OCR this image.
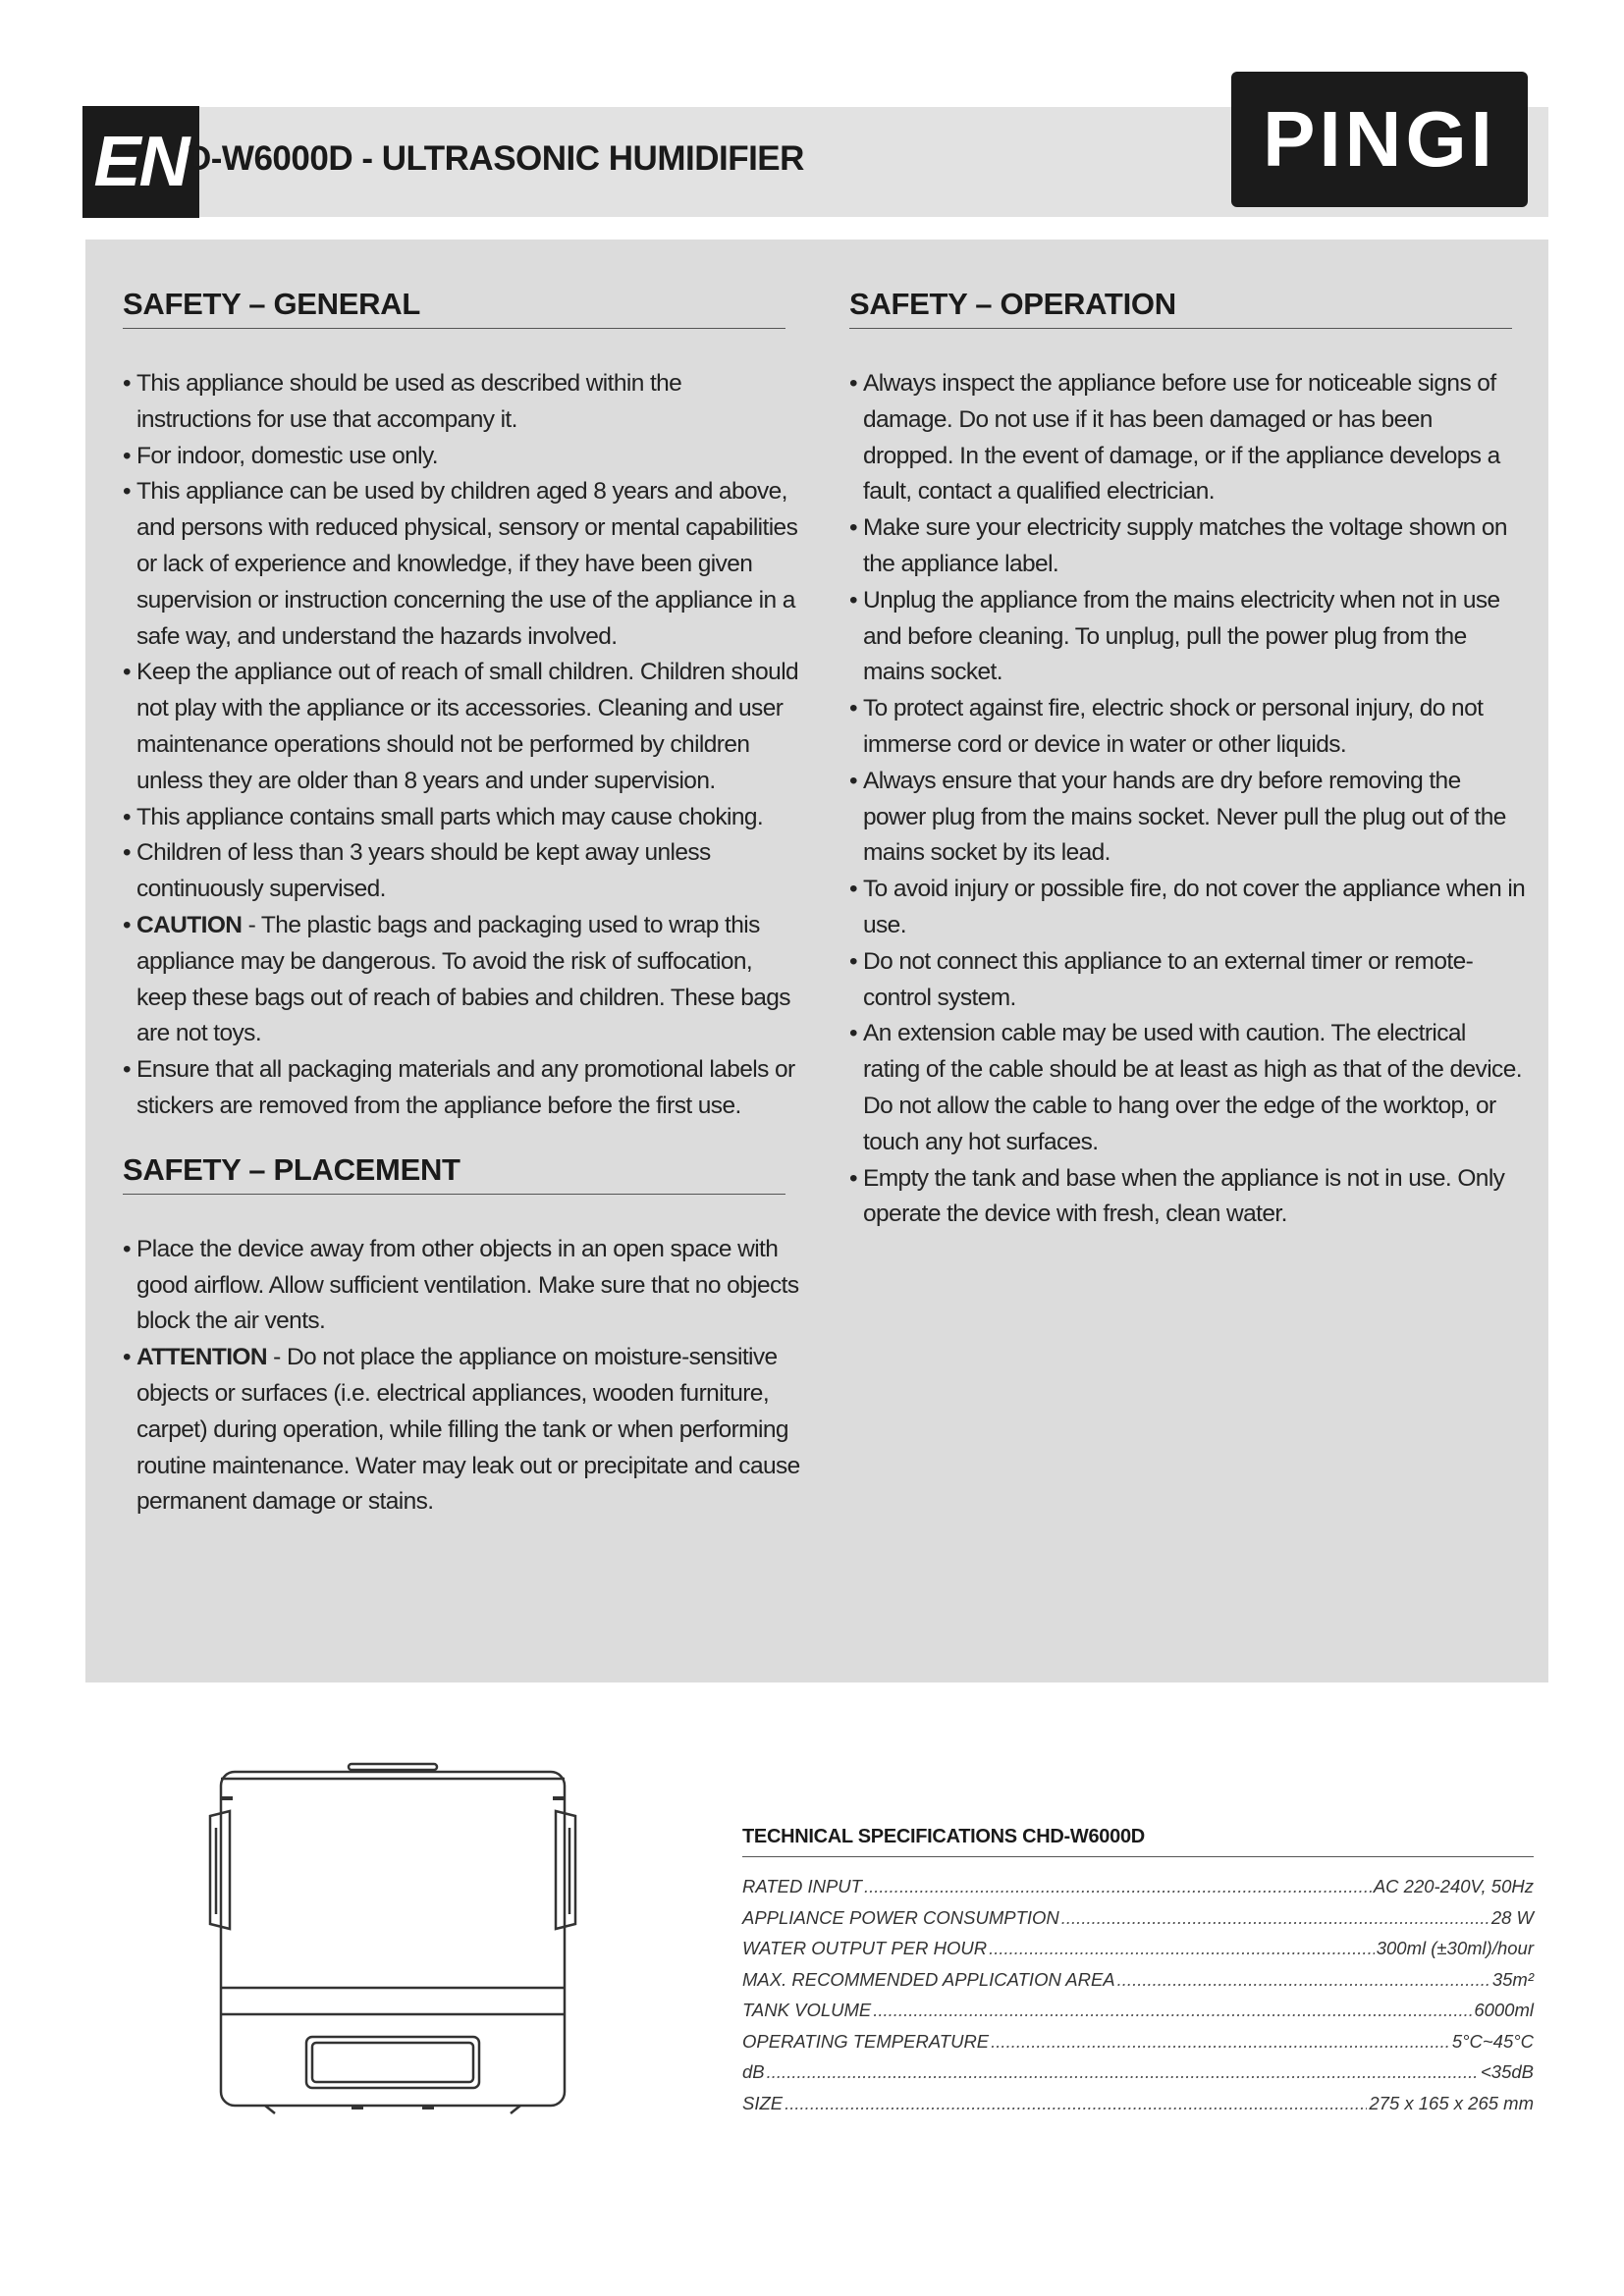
EN
D-W6000D - ULTRASONIC HUMIDIFIER	PINGI
SAFETY – GENERAL
• This appliance should be used as described within the instructions for use that accompany it.
• For indoor, domestic use only.
• This appliance can be used by children aged 8 years and above, and persons with reduced physical, sensory or mental capabilities or lack of experience and knowledge, if they have been given supervision or instruction concerning the use of the appliance in a safe way, and understand the hazards involved.
• Keep the appliance out of reach of small children. Children should not play with the appliance or its accessories. Cleaning and user maintenance operations should not be performed by children unless they are older than 8 years and under supervision.
• This appliance contains small parts which may cause choking.
• Children of less than 3 years should be kept away unless continuously supervised.
• CAUTION - The plastic bags and packaging used to wrap this appliance may be dangerous. To avoid the risk of suffocation, keep these bags out of reach of babies and children. These bags are not toys.
• Ensure that all packaging materials and any promotional labels or stickers are removed from the appliance before the first use.
SAFETY – PLACEMENT
• Place the device away from other objects in an open space with good airflow. Allow sufficient ventilation. Make sure that no objects block the air vents.
• ATTENTION - Do not place the appliance on moisture-sensitive objects or surfaces (i.e. electrical appliances, wooden furniture, carpet) during operation, while filling the tank or when performing routine maintenance. Water may leak out or precipitate and cause permanent damage or stains.
SAFETY – OPERATION
• Always inspect the appliance before use for noticeable signs of damage. Do not use if it has been damaged or has been dropped. In the event of damage, or if the appliance develops a fault, contact a qualified electrician.
• Make sure your electricity supply matches the voltage shown on the appliance label.
• Unplug the appliance from the mains electricity when not in use and before cleaning. To unplug, pull the power plug from the mains socket.
• To protect against fire, electric shock or personal injury, do not immerse cord or device in water or other liquids.
• Always ensure that your hands are dry before removing the power plug from the mains socket. Never pull the plug out of the mains socket by its lead.
• To avoid injury or possible fire, do not cover the appliance when in use.
• Do not connect this appliance to an external timer or remote-control system.
• An extension cable may be used with caution. The electrical rating of the cable should be at least as high as that of the device. Do not allow the cable to hang over the edge of the worktop, or touch any hot surfaces.
• Empty the tank and base when the appliance is not in use. Only operate the device with fresh, clean water.
TECHNICAL SPECIFICATIONS CHD-W6000D
RATED INPUT .....	AC 220-240V, 50Hz
APPLIANCE POWER CONSUMPTION .....	28 W
WATER OUTPUT PER HOUR .....	300ml (±30ml)/hour
MAX. RECOMMENDED APPLICATION AREA .....	35m²
TANK VOLUME .....	6000ml
OPERATING TEMPERATURE .....	5°C~45°C
dB .....	<35dB
SIZE .....	275 x 165 x 265 mm
